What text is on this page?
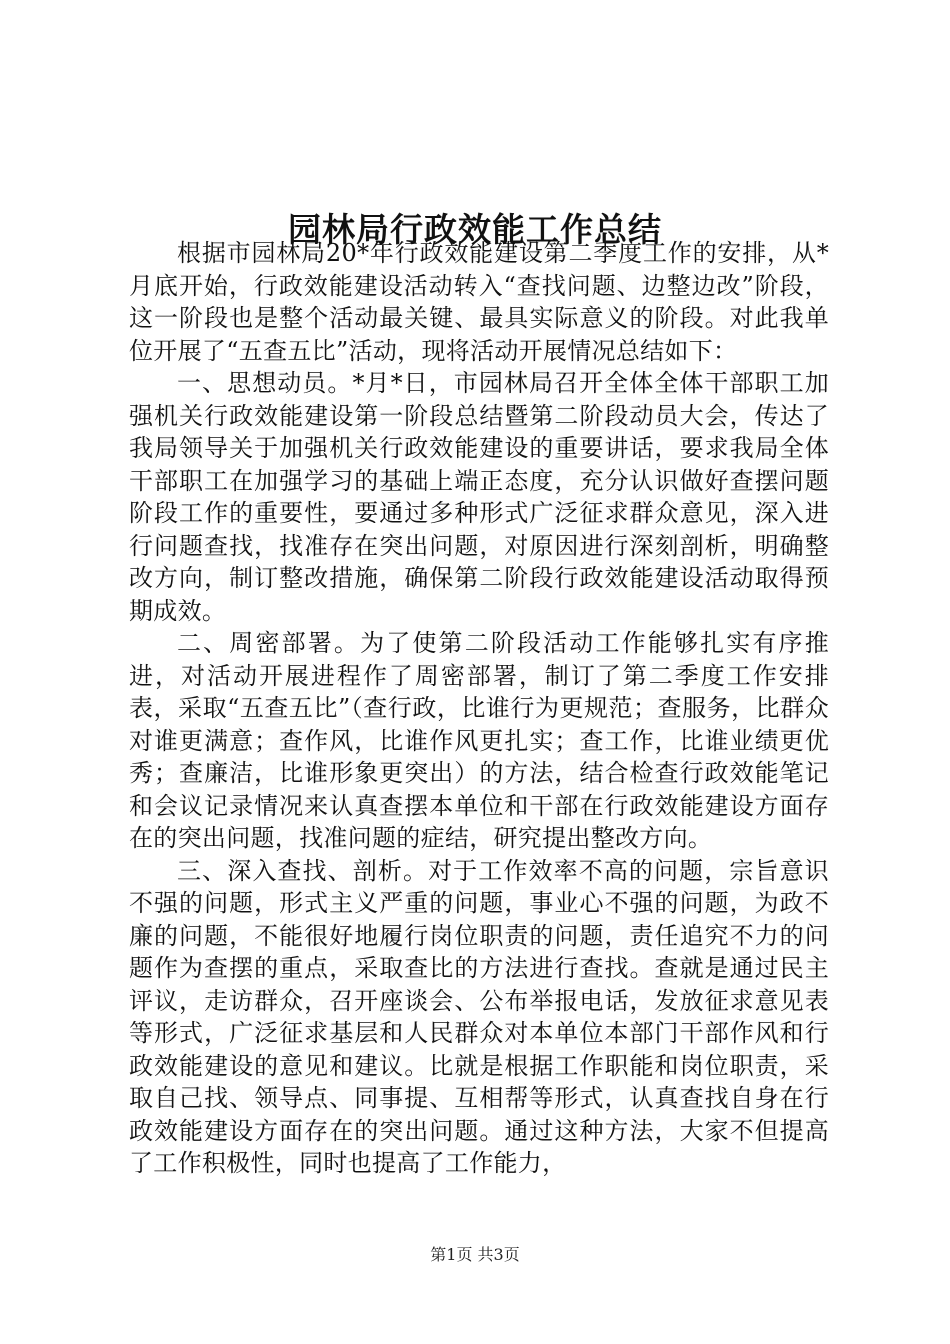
园林局行政效能工作总结

根据市园林局20*年行政效能建设第二季度工作的安排，从*月底开始，行政效能建设活动转入“查找问题、边整边改”阶段，这一阶段也是整个活动最关键、最具实际意义的阶段。对此我单位开展了“五查五比”活动，现将活动开展情况总结如下：

一、思想动员。*月*日，市园林局召开全体全体干部职工加强机关行政效能建设第一阶段总结暨第二阶段动员大会，传达了我局领导关于加强机关行政效能建设的重要讲话，要求我局全体干部职工在加强学习的基础上端正态度，充分认识做好查摆问题阶段工作的重要性，要通过多种形式广泛征求群众意见，深入进行问题查找，找准存在突出问题，对原因进行深刻剖析，明确整改方向，制订整改措施，确保第二阶段行政效能建设活动取得预期成效。

二、周密部署。为了使第二阶段活动工作能够扎实有序推进，对活动开展进程作了周密部署，制订了第二季度工作安排表，采取“五查五比”（查行政，比谁行为更规范；查服务，比群众对谁更满意；查作风，比谁作风更扎实；查工作，比谁业绩更优秀；查廉洁，比谁形象更突出）的方法，结合检查行政效能笔记和会议记录情况来认真查摆本单位和干部在行政效能建设方面存在的突出问题，找准问题的症结，研究提出整改方向。

三、深入查找、剖析。对于工作效率不高的问题，宗旨意识不强的问题，形式主义严重的问题，事业心不强的问题，为政不廉的问题，不能很好地履行岗位职责的问题，责任追究不力的问题作为查摆的重点，采取查比的方法进行查找。查就是通过民主评议，走访群众，召开座谈会、公布举报电话，发放征求意见表等形式，广泛征求基层和人民群众对本单位本部门干部作风和行政效能建设的意见和建议。比就是根据工作职能和岗位职责，采取自己找、领导点、同事提、互相帮等形式，认真查找自身在行政效能建设方面存在的突出问题。通过这种方法，大家不但提高了工作积极性，同时也提高了工作能力，

第1页 共3页
